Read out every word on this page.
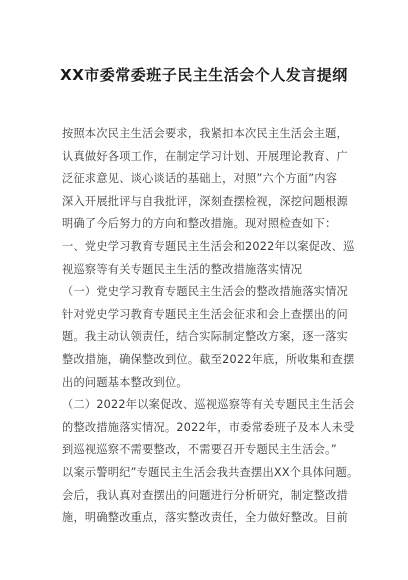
XX市委常委班子民主生活会个人发言提纲
按照本次民主生活会要求，我紧扣本次民主生活会主题，
认真做好各项工作，在制定学习计划、开展理论教育、广
泛征求意见、谈心谈话的基础上，对照”六个方面”内容
深入开展批评与自我批评，深刻查摆检视，深挖问题根源
明确了今后努力的方向和整改措施。现对照检查如下：
一、党史学习教育专题民主生活会和2022年以案促改、巡
视巡察等有关专题民主生活的整改措施落实情况
（一）党史学习教育专题民主生活会的整改措施落实情况
针对党史学习教育专题民主生活会征求和会上查摆出的问
题。我主动认领责任，结合实际制定整改方案，逐一落实
整改措施，确保整改到位。截至2022年底，所收集和查摆
出的问题基本整改到位。
（二）2022年以案促改、巡视巡察等有关专题民主生活会
的整改措施落实情况。2022年，市委常委班子及本人未受
到巡视巡察不需要整改，不需要召开专题民主生活会。”
以案示警明纪”专题民主生活会我共查摆出XX个具体问题。
会后，我认真对查摆出的问题进行分析研究，制定整改措
施，明确整改重点，落实整改责任，全力做好整改。目前
